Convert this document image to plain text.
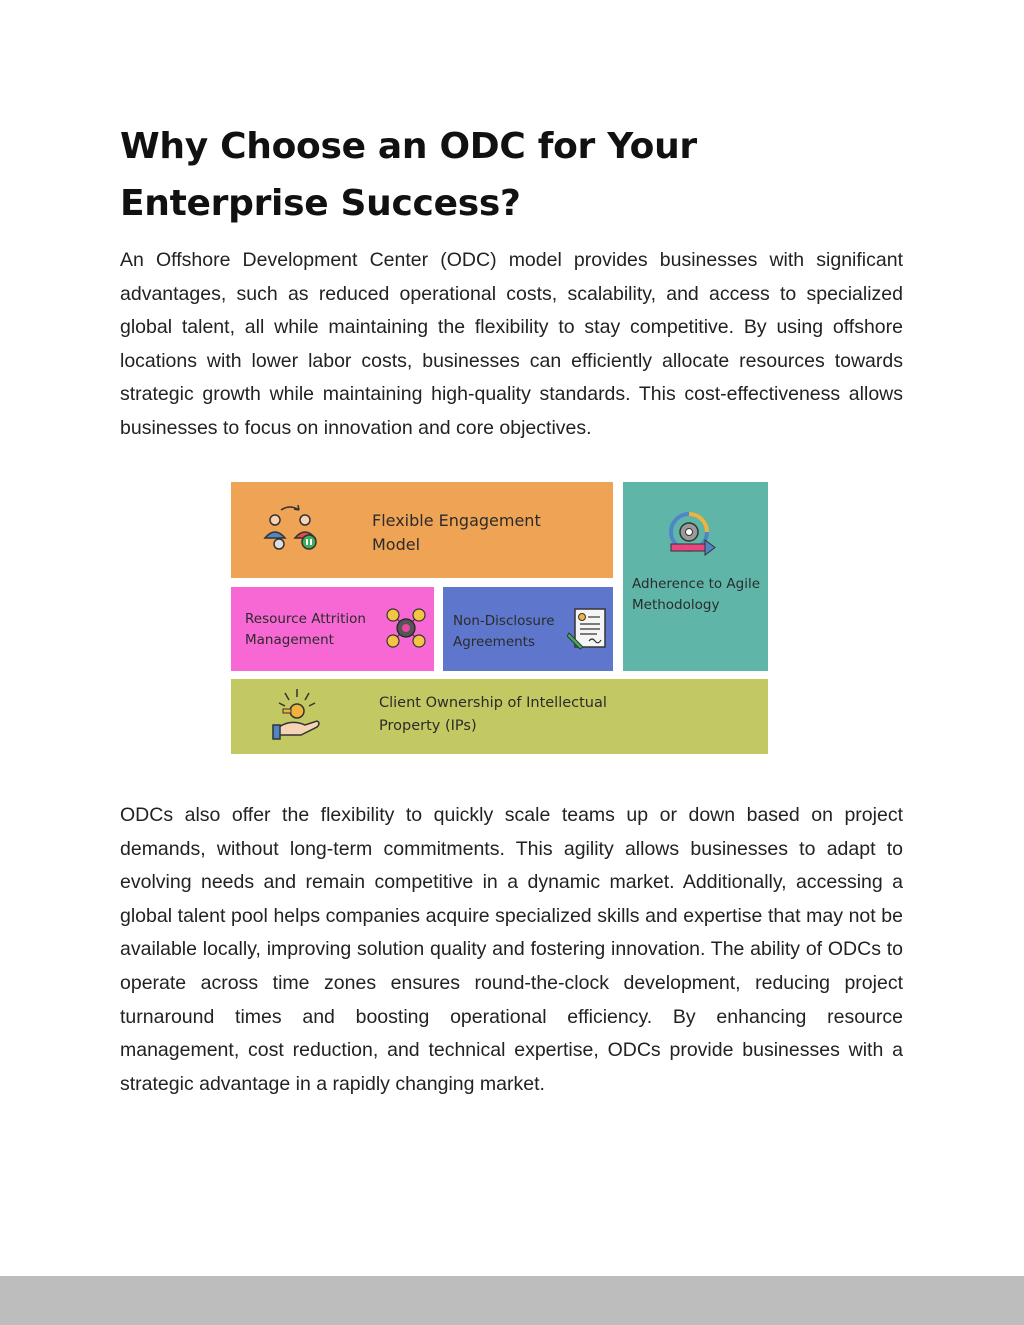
Why Choose an ODC for Your Enterprise Success?

An Offshore Development Center (ODC) model provides businesses with significant advantages, such as reduced operational costs, scalability, and access to specialized global talent, all while maintaining the flexibility to stay competitive. By using offshore locations with lower labor costs, businesses can efficiently allocate resources towards strategic growth while maintaining high-quality standards. This cost-effectiveness allows businesses to focus on innovation and core objectives.

Flexible Engagement Model
Adherence to Agile Methodology
Resource Attrition Management
Non-Disclosure Agreements
Client Ownership of Intellectual Property (IPs)

ODCs also offer the flexibility to quickly scale teams up or down based on project demands, without long-term commitments. This agility allows businesses to adapt to evolving needs and remain competitive in a dynamic market. Additionally, accessing a global talent pool helps companies acquire specialized skills and expertise that may not be available locally, improving solution quality and fostering innovation. The ability of ODCs to operate across time zones ensures round-the-clock development, reducing project turnaround times and boosting operational efficiency. By enhancing resource management, cost reduction, and technical expertise, ODCs provide businesses with a strategic advantage in a rapidly changing market.
